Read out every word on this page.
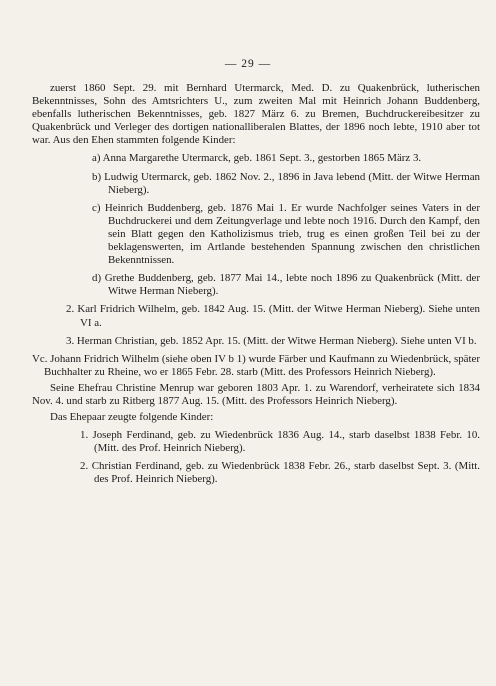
— 29 —

zuerst 1860 Sept. 29. mit Bernhard Utermarck, Med. D. zu Quakenbrück, lutherischen Bekenntnisses, Sohn des Amtsrichters U., zum zweiten Mal mit Heinrich Johann Buddenberg, ebenfalls lutherischen Bekenntnisses, geb. 1827 März 6. zu Bremen, Buchdruckereibesitzer zu Quakenbrück und Verleger des dortigen nationalliberalen Blattes, der 1896 noch lebte, 1910 aber tot war. Aus den Ehen stammten folgende Kinder:

a) Anna Margarethe Utermarck, geb. 1861 Sept. 3., gestorben 1865 März 3.

b) Ludwig Utermarck, geb. 1862 Nov. 2., 1896 in Java lebend (Mitt. der Witwe Herman Nieberg).

c) Heinrich Buddenberg, geb. 1876 Mai 1. Er wurde Nachfolger seines Vaters in der Buchdruckerei und dem Zeitungverlage und lebte noch 1916. Durch den Kampf, den sein Blatt gegen den Katholizismus trieb, trug es einen großen Teil bei zu der beklagenswerten, im Artlande bestehenden Spannung zwischen den christlichen Bekenntnissen.

d) Grethe Buddenberg, geb. 1877 Mai 14., lebte noch 1896 zu Quakenbrück (Mitt. der Witwe Herman Nieberg).

2. Karl Fridrich Wilhelm, geb. 1842 Aug. 15. (Mitt. der Witwe Herman Nieberg). Siehe unten VI a.

3. Herman Christian, geb. 1852 Apr. 15. (Mitt. der Witwe Herman Nieberg). Siehe unten VI b.

Vc. Johann Fridrich Wilhelm (siehe oben IV b 1) wurde Färber und Kaufmann zu Wiedenbrück, später Buchhalter zu Rheine, wo er 1865 Febr. 28. starb (Mitt. des Professors Heinrich Nieberg).

Seine Ehefrau Christine Menrup war geboren 1803 Apr. 1. zu Warendorf, verheiratete sich 1834 Nov. 4. und starb zu Ritberg 1877 Aug. 15. (Mitt. des Professors Heinrich Nieberg).

Das Ehepaar zeugte folgende Kinder:

1. Joseph Ferdinand, geb. zu Wiedenbrück 1836 Aug. 14., starb daselbst 1838 Febr. 10. (Mitt. des Prof. Heinrich Nieberg).

2. Christian Ferdinand, geb. zu Wiedenbrück 1838 Febr. 26., starb daselbst Sept. 3. (Mitt. des Prof. Heinrich Nieberg).
